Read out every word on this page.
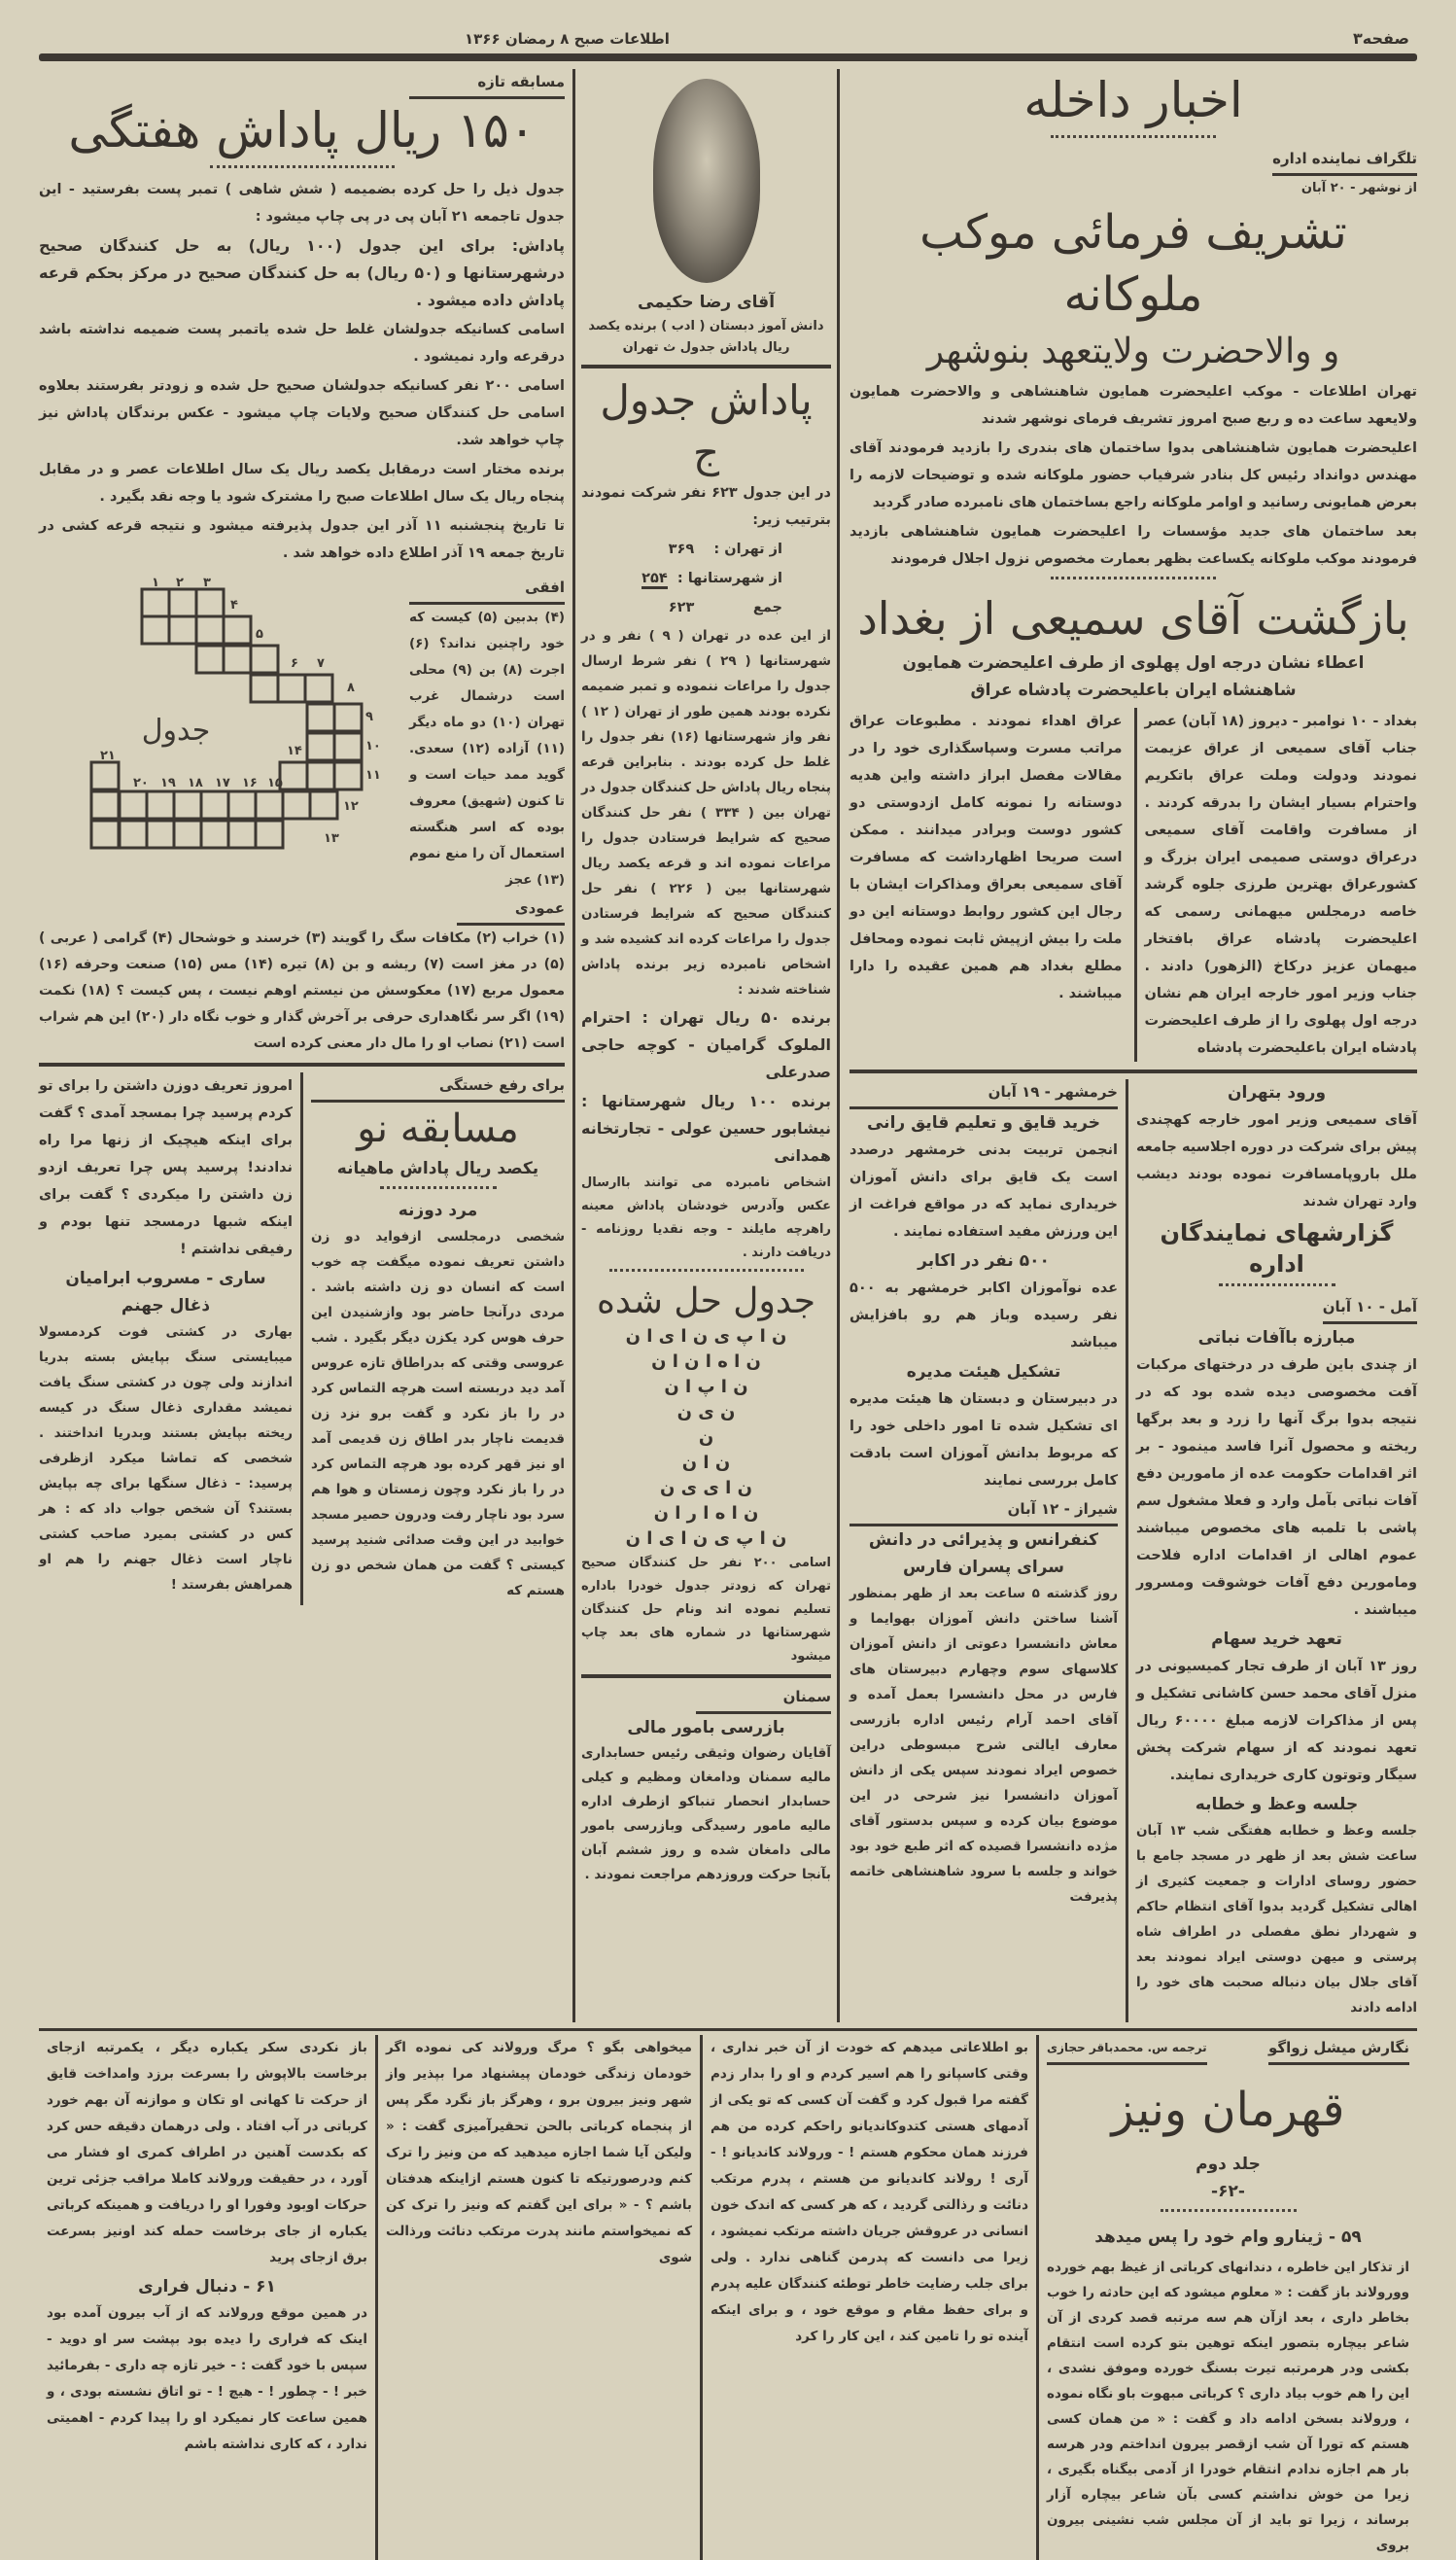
صفحه۳
اطلاعات صبح ۸ رمضان ۱۳۶۶
اخبار داخله
تلگراف نماینده اداره
از نوشهر - ۲۰ آبان
تشریف فرمائی موکب ملوکانه
و والاحضرت ولایتعهد بنوشهر

تهران اطلاعات - موکب اعلیحضرت همایون شاهنشاهی و والاحضرت همایون ولایعهد ساعت ده و ربع صبح امروز تشریف فرمای نوشهر شدند

اعلیحضرت همایون شاهنشاهی بدوا ساختمان های بندری را بازدید فرمودند آقای مهندس دوانداد رئیس کل بنادر شرفیاب حضور ملوکانه شده و توضیحات لازمه را بعرض همایونی رسانید و اوامر ملوکانه راجع بساختمان های نامبرده صادر گردید

بعد ساختمان های جدید مؤسسات را اعلیحضرت همایون شاهنشاهی بازدید فرمودند موکب ملوکانه یکساعت بظهر بعمارت مخصوص نزول اجلال فرمودند

بازگشت آقای سمیعی از بغداد
اعطاء نشان درجه اول پهلوی از طرف اعلیحضرت همایون شاهنشاه ایران باعلیحضرت پادشاه عراق

بغداد - ۱۰ نوامبر - دیروز (۱۸ آبان) عصر جناب آقای سمیعی از عراق عزیمت نمودند ودولت وملت عراق باتکریم واحترام بسیار ایشان را بدرقه کردند . از مسافرت واقامت آقای سمیعی درعراق دوستی صمیمی ایران بزرگ و کشورعراق بهترین طرزی جلوه گرشد خاصه درمجلس میهمانی رسمی که اعلیحضرت پادشاه عراق بافتخار میهمان عزیز درکاخ (الزهور) دادند . جناب وزیر امور خارجه ایران هم نشان درجه اول پهلوی را از طرف اعلیحضرت پادشاه ایران باعلیحضرت پادشاه

عراق اهداء نمودند . مطبوعات عراق مراتب مسرت وسپاسگذاری خود را در مقالات مفصل ابراز داشته واین هدیه دوستانه را نمونه کامل ازدوستی دو کشور دوست وبرادر میدانند . ممکن است صریحا اظهارداشت که مسافرت آقای سمیعی بعراق ومذاکرات ایشان با رجال این کشور روابط دوستانه این دو ملت را بیش ازپیش ثابت نموده ومحافل مطلع بغداد هم همین عقیده را دارا میباشند .

ورود بتهران

آقای سمیعی وزیر امور خارجه کهچندی پیش برای شرکت در دوره اجلاسیه جامعه ملل باروپامسافرت نموده بودند دیشب وارد تهران شدند

گزارشهای نمایندگان اداره
آمل - ۱۰ آبان
مبارزه باآفات نباتی

از چندی باین طرف در درختهای مرکبات آفت مخصوصی دیده شده بود که در نتیجه بدوا برگ آنها را زرد و بعد برگها ریخته و محصول آنرا فاسد مینمود - بر اثر اقدامات حکومت عده از مامورین دفع آفات نباتی بآمل وارد و فعلا مشغول سم پاشی با تلمبه های مخصوص میباشند عموم اهالی از اقدامات اداره فلاحت ومامورین دفع آفات خوشوقت ومسرور میباشند .

تعهد خرید سهام

روز ۱۳ آبان از طرف تجار کمیسیونی در منزل آقای محمد حسن کاشانی تشکیل و پس از مذاکرات لازمه مبلغ ۶۰۰۰۰ ریال تعهد نمودند که از سهام شرکت پخش سیگار وتوتون کاری خریداری نمایند.

جلسه وعظ و خطابه

جلسه وعظ و خطابه هفتگی شب ۱۳ آبان ساعت شش بعد از ظهر در مسجد جامع با حضور روسای ادارات و جمعیت کثیری از اهالی تشکیل گردید بدوا آقای انتظام حاکم و شهردار نطق مفصلی در اطراف شاه پرستی و میهن دوستی ایراد نمودند بعد آقای جلال بیان دنباله صحبت های خود را ادامه دادند

خرمشهر - ۱۹ آبان
خرید قایق و تعلیم قایق رانی

انجمن تربیت بدنی خرمشهر درصدد است یک قایق برای دانش آموزان خریداری نماید که در مواقع فراغت از این ورزش مفید استفاده نمایند .

۵۰۰ نفر در اکابر

عده نوآموزان اکابر خرمشهر به ۵۰۰ نفر رسیده وباز هم رو بافزایش میباشد

تشکیل هیئت مدیره

در دبیرستان و دبستان ها هیئت مدیره ای تشکیل شده تا امور داخلی خود را که مربوط بدانش آموزان است بادقت کامل بررسی نمایند

شیراز - ۱۲ آبان
کنفرانس و پذیرائی در دانش سرای پسران فارس

روز گذشته ۵ ساعت بعد از ظهر بمنظور آشنا ساختن دانش آموزان بهوایما و معاش دانشسرا دعوتی از دانش آموزان کلاسهای سوم وچهارم دبیرستان های فارس در محل دانشسرا بعمل آمده و آقای احمد آرام رئیس اداره بازرسی معارف ایالتی شرح مبسوطی دراین خصوص ایراد نمودند سپس یکی از دانش آموزان دانشسرا نیز شرحی در این موضوع بیان کرده و سپس بدستور آقای مژده دانشسرا قصیده که اثر طبع خود بود خواند و جلسه با سرود شاهنشاهی خاتمه پذیرفت

آقای رضا حکیمی
دانش آموز دبستان ( ادب ) برنده یکصد ریال پاداش جدول ث تهران
پاداش جدول ج

در این جدول ۶۲۳ نفر شرکت نمودند بترتیب زیر:

از تهران :    ۳۶۹
از شهرستانها :  ۲۵۴
جمع            ۶۲۳

از این عده در تهران ( ۹ ) نفر و در شهرستانها ( ۲۹ ) نفر شرط ارسال جدول را مراعات ننموده و تمبر ضمیمه نکرده بودند همین طور از تهران ( ۱۲ ) نفر واز شهرستانها (۱۶) نفر جدول را غلط حل کرده بودند . بنابراین قرعه پنجاه ریال پاداش حل کنندگان جدول در تهران بین ( ۳۳۴ ) نفر حل کنندگان صحیح که شرایط فرستادن جدول را مراعات نموده اند و قرعه یکصد ریال شهرستانها بین ( ۲۲۶ ) نفر حل کنندگان صحیح که شرایط فرستادن جدول را مراعات کرده اند کشیده شد و اشخاص نامبرده زیر برنده پاداش شناخته شدند :

برنده ۵۰ ریال تهران : احترام الملوک گرامیان - کوچه حاجی صدرعلی

برنده ۱۰۰ ریال شهرستانها : نیشابور حسین عولی - تجارتخانه همدانی

اشخاص نامبرده می توانند باارسال عکس وآدرس خودشان پاداش معینه راهرچه مایلند - وجه نقدیا روزنامه - دریافت دارند .

جدول حل شده
ن ا پ ی ن ا ی ا ن
ن ا ه ا ن ا ن
ن ا پ ا ن
ن ی ن
ن
ن ا ن
ن ا ی ی ن
ن ا ه ا ر ا ن
ن ا پ ی ن ا ی ا ن

اسامی ۲۰۰ نفر حل کنندگان صحیح تهران که زودتر جدول خودرا باداره تسلیم نموده اند ونام حل کنندگان شهرستانها در شماره های بعد چاپ میشود

سمنان
بازرسی بامور مالی

آقایان رضوان وثیقی رئیس حسابداری مالیه سمنان ودامغان ومظیم و کیلی حسابدار انحصار تنباکو ازطرف اداره مالیه مامور رسیدگی وبازرسی بامور مالی دامغان شده و روز ششم آبان بآنجا حرکت وروزدهم مراجعت نمودند .

مسابقه تازه
۱۵۰ ریال پاداش هفتگی

جدول ذیل را حل کرده بضمیمه ( شش شاهی ) تمبر پست بفرستید - این جدول تاجمعه ۲۱ آبان پی در پی چاپ میشود :

پاداش: برای این جدول (۱۰۰ ریال) به حل کنندگان صحیح درشهرستانها و (۵۰ ریال) به حل کنندگان صحیح در مرکز بحکم قرعه پاداش داده میشود .

اسامی کسانیکه جدولشان غلط حل شده یاتمبر پست ضمیمه نداشته باشد درقرعه وارد نمیشود .

اسامی ۲۰۰ نفر کسانیکه جدولشان صحیح حل شده و زودتر بفرستند بعلاوه اسامی حل کنندگان صحیح ولایات چاپ میشود - عکس برندگان پاداش نیز چاپ خواهد شد.

برنده مختار است درمقابل یکصد ریال یک سال اطلاعات عصر و در مقابل پنجاه ریال یک سال اطلاعات صبح را مشترک شود یا وجه نقد بگیرد .

تا تاریخ پنجشنبه ۱۱ آذر این جدول پذیرفته میشود و نتیجه قرعه کشی در تاریخ جمعه ۱۹ آذر اطلاع داده خواهد شد .

افقی

(۴) بدبین (۵) کیست که خود راچنین نداند؟ (۶) اجرت (۸) بن (۹) محلی است درشمال غرب تهران (۱۰) دو ماه دیگر (۱۱) آزاده (۱۲) سعدی. گوید ممد حیات است و تا کنون (شهیق) معروف بوده که اسر هنگسته استعمال آن را منع نموم (۱۳) عجز

جدول
۱ ۲ ۳
۴
۵
۶ ۷
۸
۹
۱۰
۱۱
۱۲
۱۳
۱۴
۱۵
۱۶
۱۷
۱۸
۱۹
۲۰
۲۱
عمودی

(۱) خراب (۲) مکافات سگ را گویند (۳) خرسند و خوشحال (۴) گرامی ( عربی ) (۵) در مغز است (۷) ریشه و بن (۸) تیره (۱۴) مس (۱۵) صنعت وحرفه (۱۶) معمول مربع (۱۷) معکوسش من نیستم اوهم نیست ، پس کیست ؟ (۱۸) نکمت (۱۹) اگر سر نگاهداری حرفی بر آخرش گذار و خوب نگاه دار (۲۰) این هم شراب است (۲۱) نصاب او را مال دار معنی کرده است

برای رفع خستگی
مسابقه نو
یکصد ریال پاداش ماهیانه
مرد دوزنه

شخصی درمجلسی ازفواید دو زن داشتن تعریف نموده میگفت چه خوب است که انسان دو زن داشته باشد . مردی درآنجا حاضر بود وازشنیدن این حرف هوس کرد یکزن دیگر بگیرد . شب عروسی وقتی که بدراطاق تازه عروس آمد دید دربسته است هرچه التماس کرد در را باز نکرد و گفت برو نزد زن قدیمت ناچار بدر اطاق زن قدیمی آمد او نیز قهر کرده بود هرچه التماس کرد در را باز نکرد وچون زمستان و هوا هم سرد بود ناچار رفت ودرون حصیر مسجد خوابید در این وقت صدائی شنید پرسید کیستی ؟ گفت من همان شخص دو زن هستم که

امروز تعریف دوزن داشتن را برای تو کردم پرسید چرا بمسجد آمدی ؟ گفت برای اینکه هیچیک از زنها مرا راه ندادند! پرسید پس چرا تعریف ازدو زن داشتن را میکردی ؟ گفت برای اینکه شبها درمسجد تنها بودم و رفیقی نداشتم !

ساری - مسروب ابرامیان
ذغال جهنم

بهاری در کشتی فوت کردمسولا میبایستی سنگ بپایش بسته بدریا اندازند ولی چون در کشتی سنگ یافت نمیشد مقداری ذغال سنگ در کیسه ریخته بپایش بستند وبدریا انداختند . شخصی که تماشا میکرد ازظرفی پرسید: - ذغال سنگها برای چه بپایش بستند؟ آن شخص جواب داد که : هر کس در کشتی بمیرد صاحب کشتی ناچار است ذغال جهنم را هم او همراهش بفرستد !

نگارش میشل زواگو
ترجمه س. محمدباقر حجازی
قهرمان ونیز
جلد دوم
-۶۲-
۵۹ - ژینارو وام خود را پس میدهد

از تذکار این خاطره ، دندانهای کرباتی از غیظ بهم خورده وورولاند باز گفت : « معلوم میشود که این حادثه را خوب بخاطر داری ، بعد ازآن هم سه مرتبه قصد کردی از آن شاعر بیچاره بتصور اینکه توهین بتو کرده است انتقام بکشی ودر هرمرتبه تیرت بسنگ خورده وموفق نشدی ، این را هم خوب بیاد داری ؟ کرباتی مبهوت باو نگاه نموده ، ورولاند بسخن ادامه داد و گفت : « من همان کسی هستم که تورا آن شب ازقصر بیرون انداختم ودر هرسه بار هم اجازه ندادم انتقام خودرا از آدمی بیگناه بگیری ، زیرا من خوش نداشتم کسی بآن شاعر بیچاره آزار برساند ، زیرا تو باید از آن مجلس شب نشینی بیرون بروی

بو اطلاعاتی میدهم که خودت از آن خبر نداری ، وقتی کاسپانو را هم اسیر کردم و او را بدار زدم گفته مرا قبول کرد و گفت آن کسی که تو یکی از آدمهای هستی کتدوکاندیانو راحکم کرده من هم فرزند همان محکوم هستم ! - ورولاند کاندیانو ! - آری ! رولاند کاندیانو من هستم ، پدرم مرتکب دنائت و رذالتی گردید ، که هر کسی که اندک خون انسانی در عروقش جریان داشته مرتکب نمیشود ، زیرا می دانست که پدرمن گناهی ندارد . ولی برای جلب رضایت خاطر توطئه کنندگان علیه پدرم و برای حفظ مقام و موقع خود ، و برای اینکه آینده تو را تامین کند ، این کار را کرد

میخواهی بگو ؟ مرگ ورولاند کی نموده اگر خودمان زندگی خودمان پیشنهاد مرا بپذیر واز شهر ونیز بیرون برو ، وهرگز باز نگرد مگر پس از پنجماه کرباتی بالحن تحقیرآمیزی گفت : « ولیکن آیا شما اجازه میدهید که من ونیز را ترک کنم ودرصورتیکه تا کنون هستم ازاینکه هدفتان باشم ؟ - « برای این گفتم که ونیز را ترک کن که نمیخواستم مانند پدرت مرتکب دنائت ورذالت شوی

باز نکردی سکر یکباره دیگر ، یکمرتبه ازجای برخاست بالاپوش را بسرعت برزد وامداخت قایق از حرکت تا کهانی او تکان و موازنه آن بهم خورد کرباتی در آب افتاد . ولی درهمان دقیقه حس کرد که بکدست آهنین در اطراف کمری او فشار می آورد ، در حقیقت ورولاند کاملا مراقب جزئی ترین حرکات اوبود وفورا او را دریافت و همینکه کرباتی یکباره از جای برخاست حمله کند اونیز بسرعت برق ازجای پرید

۶۱ - دنبال فراری

در همین موقع ورولاند که از آب بیرون آمده بود اینک که فراری را دیده بود بپشت سر او دوید - سپس با خود گفت : - خیر تازه چه داری - بفرمائید خبر ! - چطور ! - هیچ ! - تو اتاق نشسته بودی ، و همین ساعت کار نمیکرد او را پیدا کردم - اهمیتی ندارد ، که کاری نداشته باشم
